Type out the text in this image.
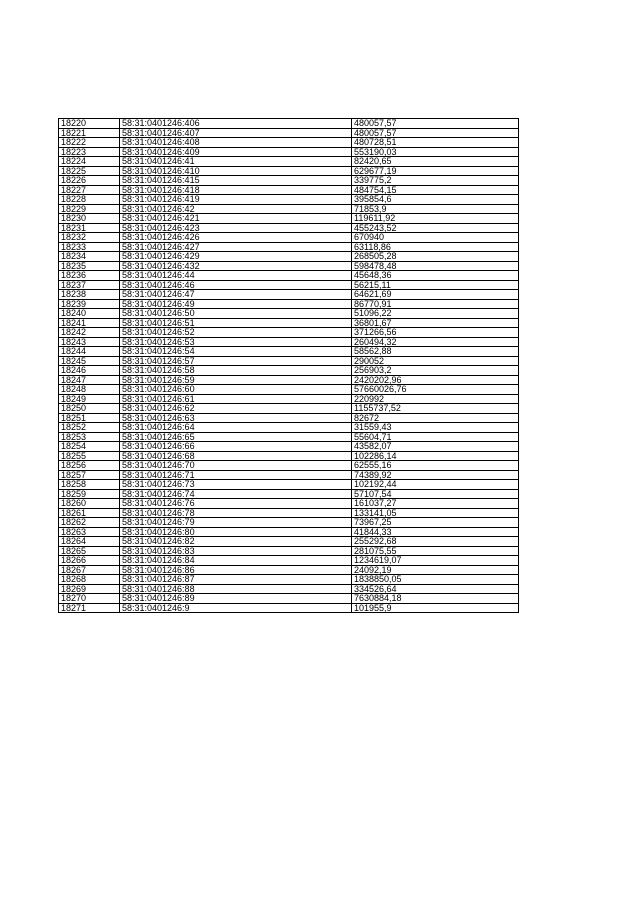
18220	58:31:0401246:406	480057,57
18221	58:31:0401246:407	480057,57
18222	58:31:0401246:408	480728,51
18223	58:31:0401246:409	553190,03
18224	58:31:0401246:41	82420,65
18225	58:31:0401246:410	629677,19
18226	58:31:0401246:415	339775,2
18227	58:31:0401246:418	484754,15
18228	58:31:0401246:419	395854,6
18229	58:31:0401246:42	71853,9
18230	58:31:0401246:421	119611,92
18231	58:31:0401246:423	455243,52
18232	58:31:0401246:426	670940
18233	58:31:0401246:427	63118,86
18234	58:31:0401246:429	268505,28
18235	58:31:0401246:432	598478,48
18236	58:31:0401246:44	45648,36
18237	58:31:0401246:46	56215,11
18238	58:31:0401246:47	64621,69
18239	58:31:0401246:49	86770,91
18240	58:31:0401246:50	51096,22
18241	58:31:0401246:51	36801,67
18242	58:31:0401246:52	371266,56
18243	58:31:0401246:53	260494,32
18244	58:31:0401246:54	58562,88
18245	58:31:0401246:57	290052
18246	58:31:0401246:58	256903,2
18247	58:31:0401246:59	2420202,96
18248	58:31:0401246:60	57660026,76
18249	58:31:0401246:61	220992
18250	58:31:0401246:62	1155737,52
18251	58:31:0401246:63	82672
18252	58:31:0401246:64	31559,43
18253	58:31:0401246:65	55604,71
18254	58:31:0401246:66	43582,07
18255	58:31:0401246:68	102286,14
18256	58:31:0401246:70	62555,16
18257	58:31:0401246:71	74389,92
18258	58:31:0401246:73	102192,44
18259	58:31:0401246:74	57107,54
18260	58:31:0401246:76	161037,27
18261	58:31:0401246:78	133141,05
18262	58:31:0401246:79	73967,25
18263	58:31:0401246:80	41844,33
18264	58:31:0401246:82	255292,68
18265	58:31:0401246:83	281075,55
18266	58:31:0401246:84	1234619,07
18267	58:31:0401246:86	24092,19
18268	58:31:0401246:87	1838850,05
18269	58:31:0401246:88	334526,64
18270	58:31:0401246:89	7630884,18
18271	58:31:0401246:9	101955,9
